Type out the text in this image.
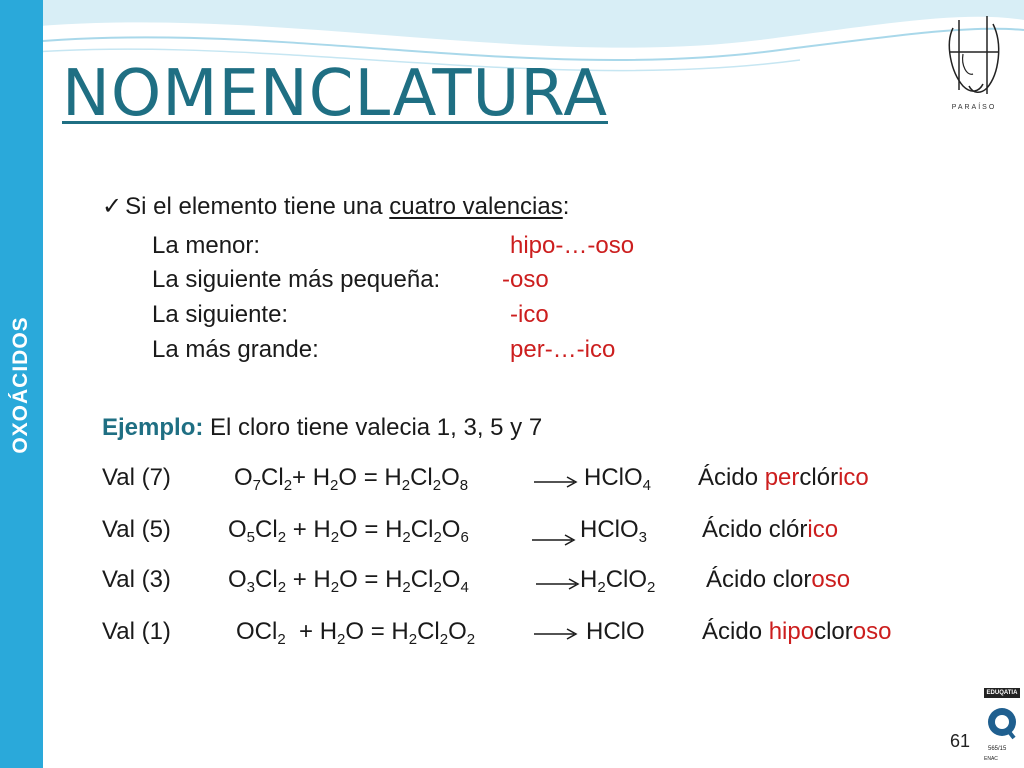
OXOÁCIDOS
NOMENCLATURA	PARAÍSO
✓ Si el elemento tiene una cuatro valencias:
La menor:	hipo-…-oso
La siguiente más pequeña:	-oso
La siguiente:	-ico
La más grande:	per-…-ico
Ejemplo: El cloro tiene valecia 1, 3, 5 y 7
Val (7)	$O_7Cl_2+ H_2O = H_2Cl_2O_8$	HClO$_4$ Ácido perclórico
Val (5) $O_5Cl_2 + H_2O = H_2Cl_2O_6$	HClO$_3$ Ácido clórico
Val (3) $O_3Cl_2 + H_2O = H_2Cl_2O_4$	$H_2ClO_2$ Ácido cloroso
Val (1)	$OCl_2 + H_2O = H_2Cl_2O_2$	HClO Ácido hipocloroso
61
EDUQATIA
565/15
ENAC
